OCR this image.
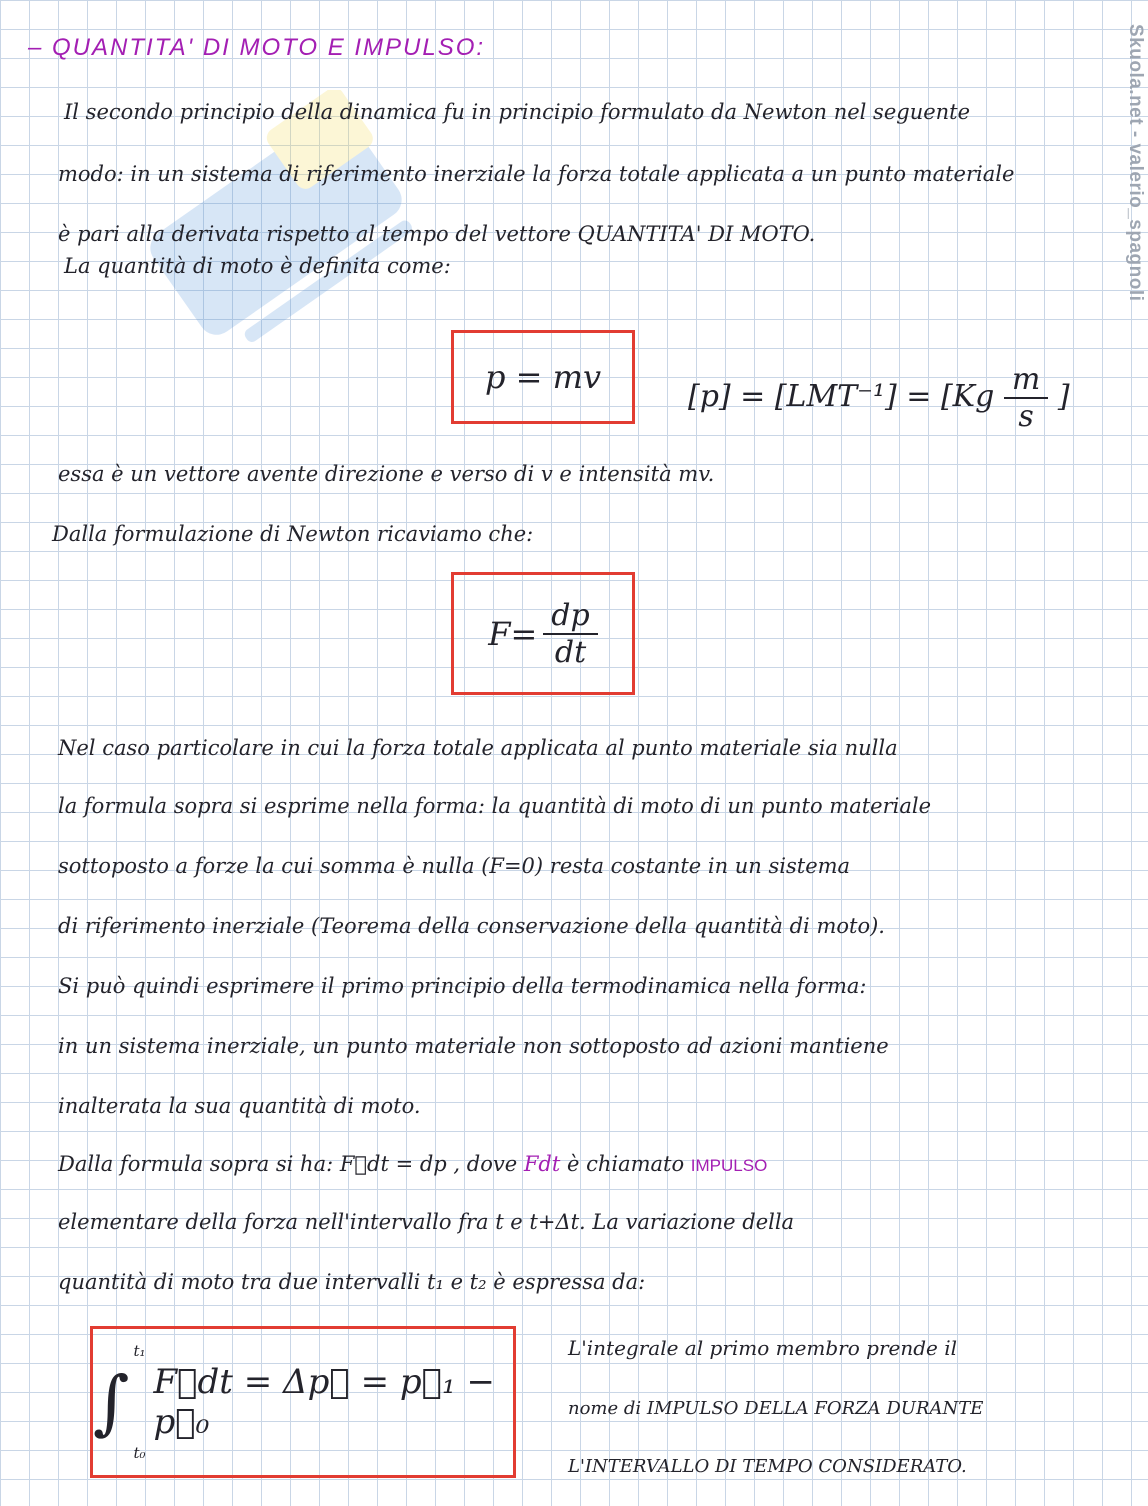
Skuola.net - valerio_spagnoli
– QUANTITA' DI MOTO E IMPULSO:
Il secondo principio della dinamica fu in principio formulato da Newton nel seguente
modo: in un sistema di riferimento inerziale la forza totale applicata a un punto materiale
è pari alla derivata rispetto al tempo del vettore QUANTITA' DI MOTO.
La quantità di moto è definita come:
p = mv
$[p] = [LMT^{-1}] = [Kg \frac{m}{s}$ ]
essa è un vettore avente direzione e verso di v e intensità mv.
Dalla formulazione di Newton ricaviamo che:
$F= \frac{dp}{dt}$
Nel caso particolare in cui la forza totale applicata al punto materiale sia nulla
la formula sopra si esprime nella forma: la quantità di moto di un punto materiale
sottoposto a forze la cui somma è nulla (F=0) resta costante in un sistema
di riferimento inerziale (Teorema della conservazione della quantità di moto).
Si può quindi esprimere il primo principio della termodinamica nella forma:
in un sistema inerziale, un punto materiale non sottoposto ad azioni mantiene
inalterata la sua quantità di moto.
Dalla formula sopra si ha: F⃗dt = dp , dove Fdt è chiamato IMPULSO
elementare della forza nell'intervallo fra t e t+Δt. La variazione della
quantità di moto tra due intervalli t₁ e t₂ è espressa da:
∫
t₁
t₀
F⃗dt = Δp⃗ = p⃗₁ − p⃗₀
L'integrale al primo membro prende il
nome di IMPULSO DELLA FORZA DURANTE
L'INTERVALLO DI TEMPO CONSIDERATO.
